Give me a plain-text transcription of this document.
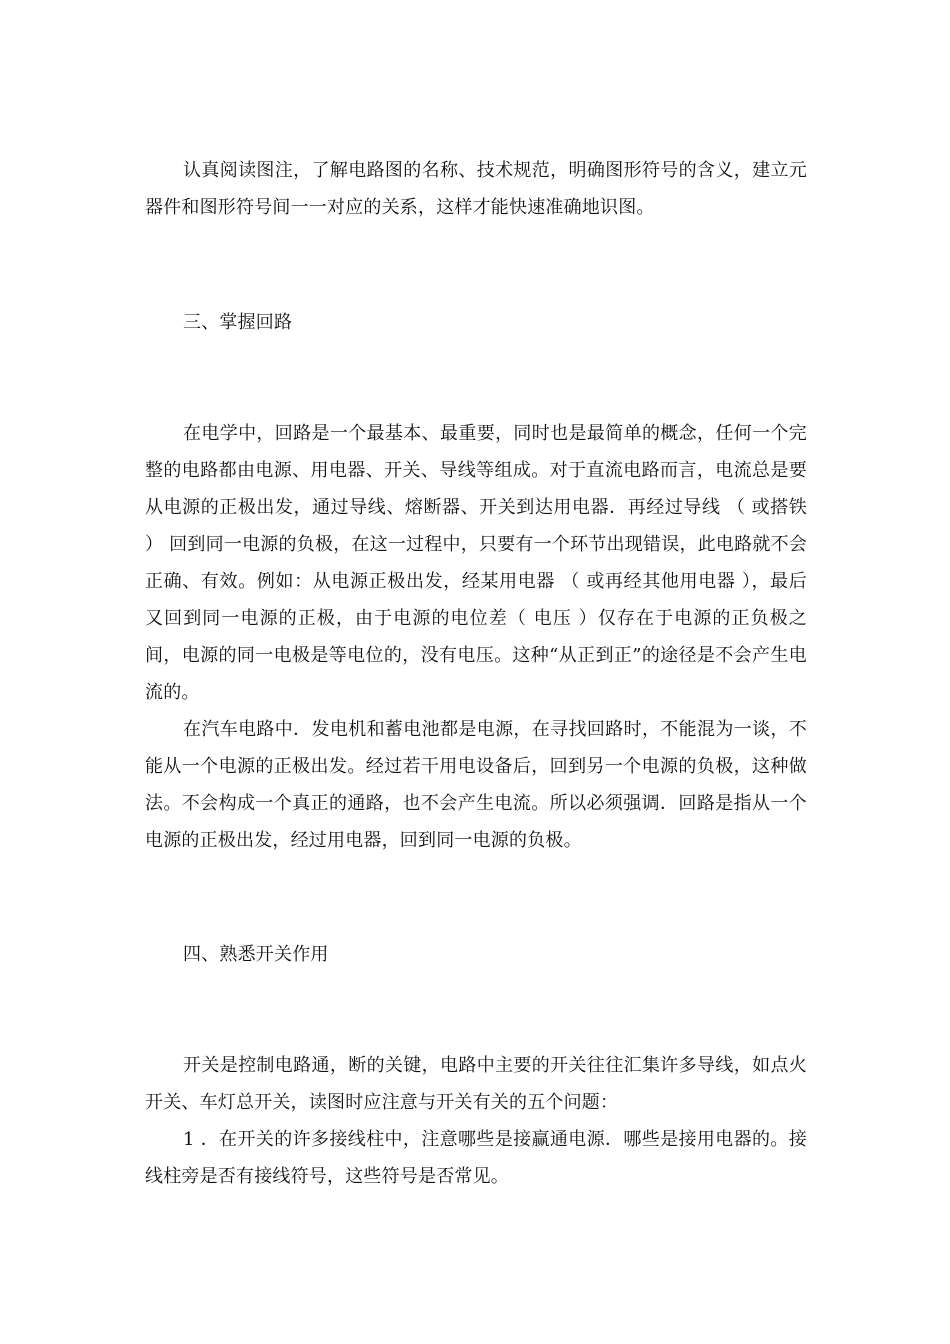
认真阅读图注，了解电路图的名称、技术规范，明确图形符号的含义，建立元器件和图形符号间一一对应的关系，这样才能快速准确地识图。

三、掌握回路

在电学中，回路是一个最基本、最重要，同时也是最简单的概念，任何一个完整的电路都由电源、用电器、开关、导线等组成。对于直流电路而言，电流总是要从电源的正极出发，通过导线、熔断器、开关到达用电器．再经过导线 （ 或搭铁 ） 回到同一电源的负极，在这一过程中，只要有一个环节出现错误，此电路就不会正确、有效。例如：从电源正极出发，经某用电器 （ 或再经其他用电器 ），最后又回到同一电源的正极，由于电源的电位差（ 电压 ）仅存在于电源的正负极之间，电源的同一电极是等电位的，没有电压。这种“从正到正”的途径是不会产生电流的。

在汽车电路中．发电机和蓄电池都是电源，在寻找回路时，不能混为一谈，不能从一个电源的正极出发。经过若干用电设备后，回到另一个电源的负极，这种做法。不会构成一个真正的通路，也不会产生电流。所以必须强调．回路是指从一个电源的正极出发，经过用电器，回到同一电源的负极。

四、熟悉开关作用

开关是控制电路通，断的关键，电路中主要的开关往往汇集许多导线，如点火开关、车灯总开关，读图时应注意与开关有关的五个问题：

1 ．在开关的许多接线柱中，注意哪些是接赢通电源．哪些是接用电器的。接线柱旁是否有接线符号，这些符号是否常见。
